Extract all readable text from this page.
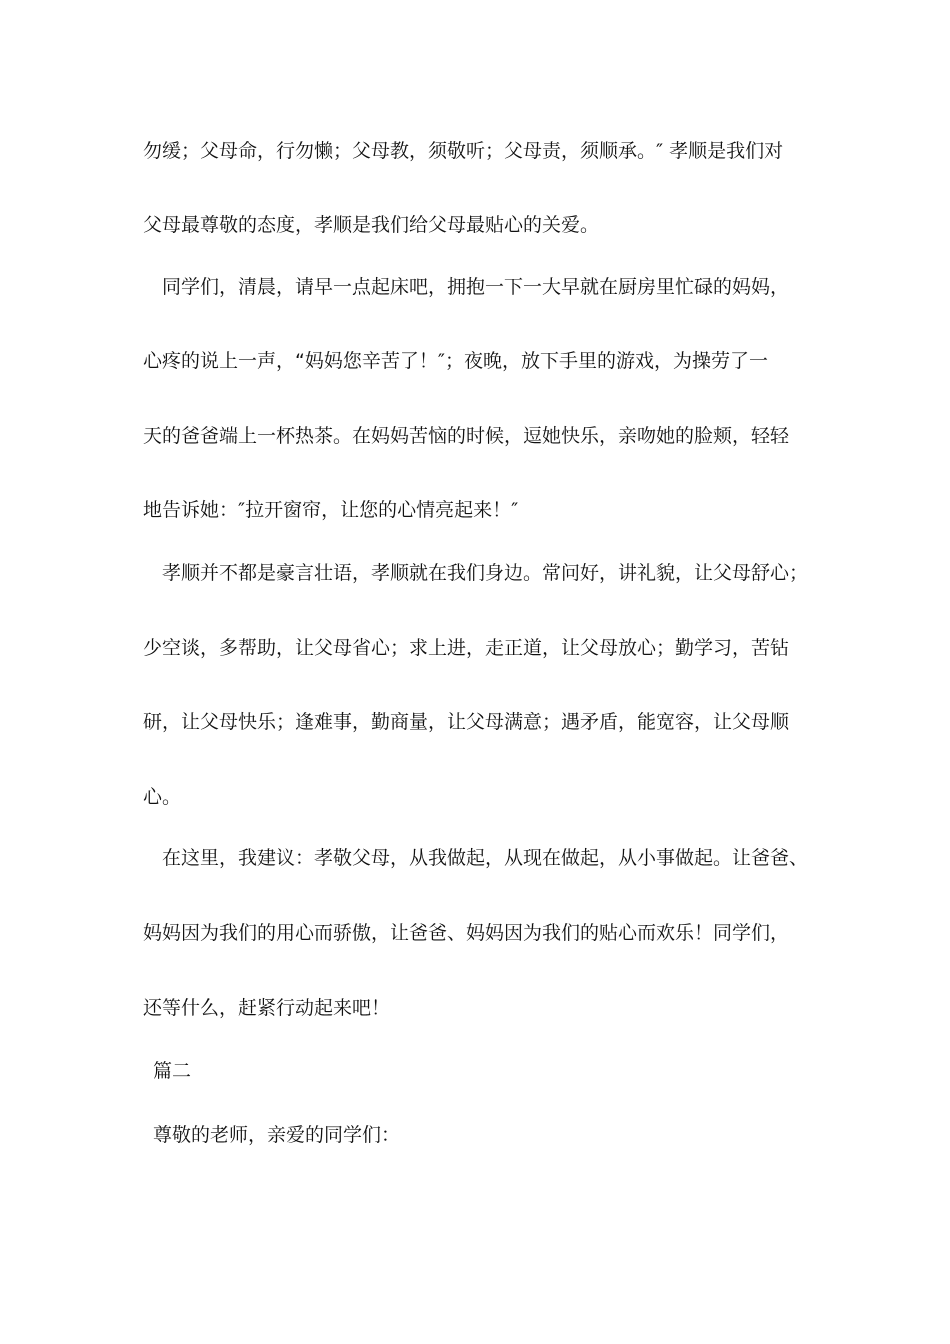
勿缓；父母命，行勿懒；父母教，须敬听；父母责，须顺承。″ 孝顺是我们对
父母最尊敬的态度，孝顺是我们给父母最贴心的关爱。
同学们，清晨，请早一点起床吧，拥抱一下一大早就在厨房里忙碌的妈妈，
心疼的说上一声，“妈妈您辛苦了！″；夜晚，放下手里的游戏，为操劳了一
天的爸爸端上一杯热茶。在妈妈苦恼的时候，逗她快乐，亲吻她的脸颊，轻轻
地告诉她：″拉开窗帘，让您的心情亮起来！″
孝顺并不都是豪言壮语，孝顺就在我们身边。常问好，讲礼貌，让父母舒心；
少空谈，多帮助，让父母省心；求上进，走正道，让父母放心；勤学习，苦钻
研，让父母快乐；逢难事，勤商量，让父母满意；遇矛盾，能宽容，让父母顺
心。
在这里，我建议：孝敬父母，从我做起，从现在做起，从小事做起。让爸爸、
妈妈因为我们的用心而骄傲，让爸爸、妈妈因为我们的贴心而欢乐！同学们，
还等什么，赶紧行动起来吧！
篇二
尊敬的老师，亲爱的同学们：
